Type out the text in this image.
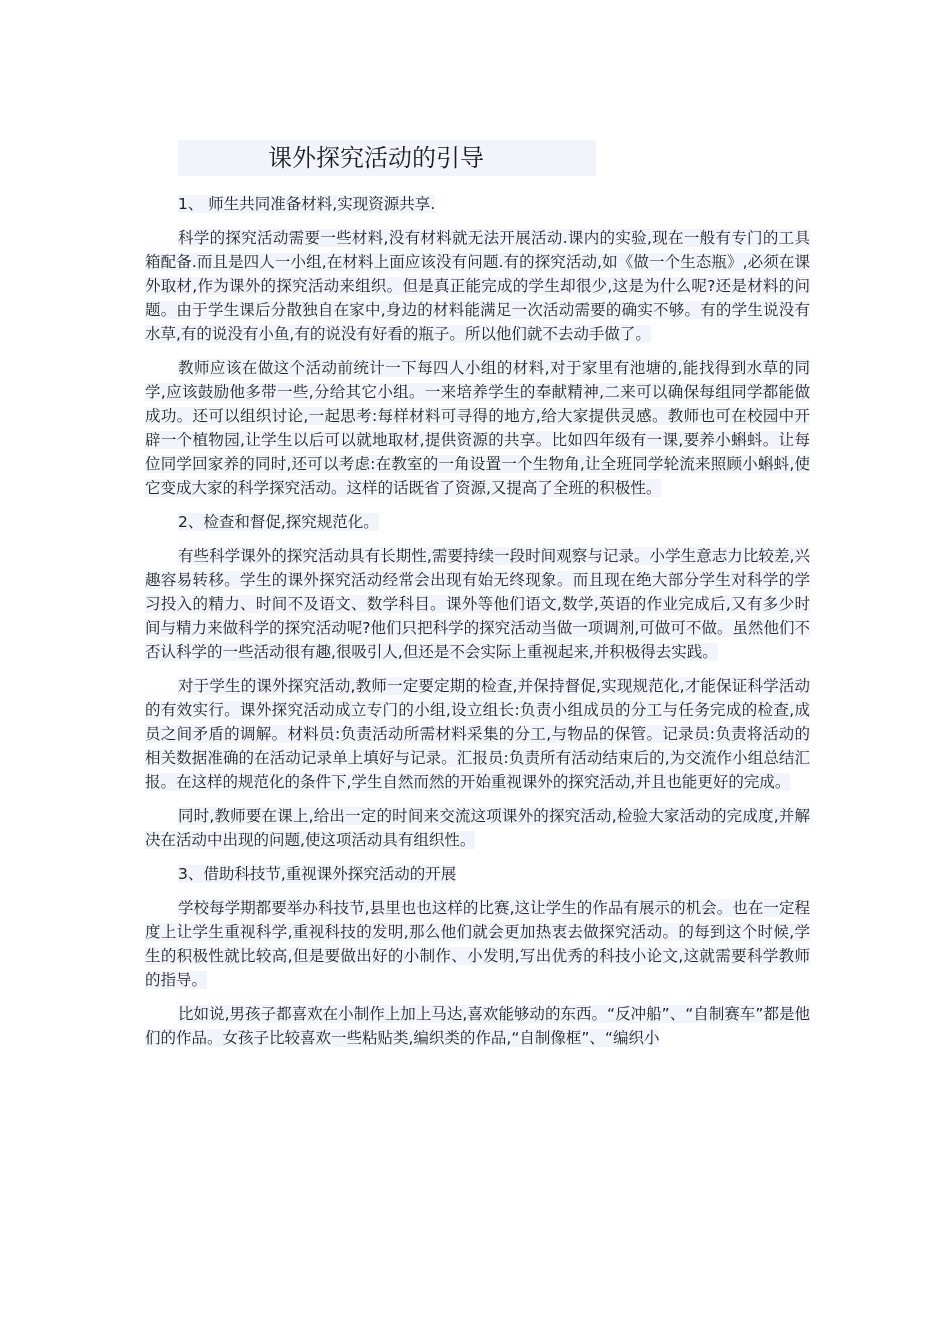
课外探究活动的引导
1、 师生共同准备材料,实现资源共享.

科学的探究活动需要一些材料,没有材料就无法开展活动.课内的实验,现在一般有专门的工具箱配备.而且是四人一小组,在材料上面应该没有问题.有的探究活动,如《做一个生态瓶》,必须在课外取材,作为课外的探究活动来组织。但是真正能完成的学生却很少,这是为什么呢?还是材料的问题。由于学生课后分散独自在家中,身边的材料能满足一次活动需要的确实不够。有的学生说没有水草,有的说没有小鱼,有的说没有好看的瓶子。所以他们就不去动手做了。

教师应该在做这个活动前统计一下每四人小组的材料,对于家里有池塘的,能找得到水草的同学,应该鼓励他多带一些,分给其它小组。一来培养学生的奉献精神,二来可以确保每组同学都能做成功。还可以组织讨论,一起思考:每样材料可寻得的地方,给大家提供灵感。教师也可在校园中开辟一个植物园,让学生以后可以就地取材,提供资源的共享。比如四年级有一课,要养小蝌蚪。让每位同学回家养的同时,还可以考虑:在教室的一角设置一个生物角,让全班同学轮流来照顾小蝌蚪,使它变成大家的科学探究活动。这样的话既省了资源,又提高了全班的积极性。

2、检查和督促,探究规范化。

有些科学课外的探究活动具有长期性,需要持续一段时间观察与记录。小学生意志力比较差,兴趣容易转移。学生的课外探究活动经常会出现有始无终现象。而且现在绝大部分学生对科学的学习投入的精力、时间不及语文、数学科目。课外等他们语文,数学,英语的作业完成后,又有多少时间与精力来做科学的探究活动呢?他们只把科学的探究活动当做一项调剂,可做可不做。虽然他们不否认科学的一些活动很有趣,很吸引人,但还是不会实际上重视起来,并积极得去实践。

对于学生的课外探究活动,教师一定要定期的检查,并保持督促,实现规范化,才能保证科学活动的有效实行。课外探究活动成立专门的小组,设立组长:负责小组成员的分工与任务完成的检查,成员之间矛盾的调解。材料员:负责活动所需材料采集的分工,与物品的保管。记录员:负责将活动的相关数据准确的在活动记录单上填好与记录。汇报员:负责所有活动结束后的,为交流作小组总结汇报。在这样的规范化的条件下,学生自然而然的开始重视课外的探究活动,并且也能更好的完成。

同时,教师要在课上,给出一定的时间来交流这项课外的探究活动,检验大家活动的完成度,并解决在活动中出现的问题,使这项活动具有组织性。

3、借助科技节,重视课外探究活动的开展

学校每学期都要举办科技节,县里也也这样的比赛,这让学生的作品有展示的机会。也在一定程度上让学生重视科学,重视科技的发明,那么他们就会更加热衷去做探究活动。的每到这个时候,学生的积极性就比较高,但是要做出好的小制作、小发明,写出优秀的科技小论文,这就需要科学教师的指导。

比如说,男孩子都喜欢在小制作上加上马达,喜欢能够动的东西。“反冲船”、“自制赛车”都是他们的作品。女孩子比较喜欢一些粘贴类,编织类的作品,“自制像框”、“编织小
